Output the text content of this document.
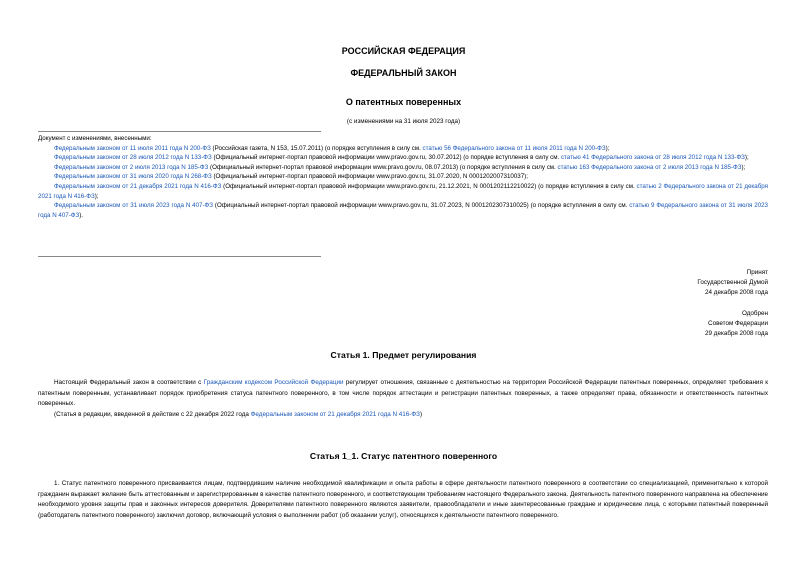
РОССИЙСКАЯ ФЕДЕРАЦИЯ
ФЕДЕРАЛЬНЫЙ ЗАКОН
О патентных поверенных
(с изменениями на 31 июля 2023 года)

Документ с изменениями, внесенными:

Федеральным законом от 11 июля 2011 года N 200-ФЗ (Российская газета, N 153, 15.07.2011) (о порядке вступления в силу см. статью 56 Федерального закона от 11 июля 2011 года N 200-ФЗ);

Федеральным законом от 28 июля 2012 года N 133-ФЗ (Официальный интернет-портал правовой информации www.pravo.gov.ru, 30.07.2012) (о порядке вступления в силу см. статью 41 Федерального закона от 28 июля 2012 года N 133-ФЗ);

Федеральным законом от 2 июля 2013 года N 185-ФЗ (Официальный интернет-портал правовой информации www.pravo.gov.ru, 08.07.2013) (о порядке вступления в силу см. статью 163 Федерального закона от 2 июля 2013 года N 185-ФЗ);

Федеральным законом от 31 июля 2020 года N 268-ФЗ (Официальный интернет-портал правовой информации www.pravo.gov.ru, 31.07.2020, N 0001202007310037);

Федеральным законом от 21 декабря 2021 года N 416-ФЗ (Официальный интернет-портал правовой информации www.pravo.gov.ru, 21.12.2021, N 0001202112210022) (о порядке вступления в силу см. статью 2 Федерального закона от 21 декабря 2021 года N 416-ФЗ);

Федеральным законом от 31 июля 2023 года N 407-ФЗ (Официальный интернет-портал правовой информации www.pravo.gov.ru, 31.07.2023, N 0001202307310025) (о порядке вступления в силу см. статью 9 Федерального закона от 31 июля 2023 года N 407-ФЗ).

Принят
Государственной Думой
24 декабря 2008 года
Одобрен
Советом Федерации
29 декабря 2008 года
Статья 1. Предмет регулирования

Настоящий Федеральный закон в соответствии с Гражданским кодексом Российской Федерации регулирует отношения, связанные с деятельностью на территории Российской Федерации патентных поверенных, определяет требования к патентным поверенным, устанавливает порядок приобретения статуса патентного поверенного, в том числе порядок аттестации и регистрации патентных поверенных, а также определяет права, обязанности и ответственность патентных поверенных.

(Статья в редакции, введенной в действие с 22 декабря 2022 года Федеральным законом от 21 декабря 2021 года N 416-ФЗ)

Статья 1_1. Статус патентного поверенного

1. Статус патентного поверенного присваивается лицам, подтвердившим наличие необходимой квалификации и опыта работы в сфере деятельности патентного поверенного в соответствии со специализацией, применительно к которой гражданин выражает желание быть аттестованным и зарегистрированным в качестве патентного поверенного, и соответствующим требованиям настоящего Федерального закона. Деятельность патентного поверенного направлена на обеспечение необходимого уровня защиты прав и законных интересов доверителя. Доверителями патентного поверенного являются заявители, правообладатели и иные заинтересованные граждане и юридические лица, с которыми патентный поверенный (работодатель патентного поверенного) заключил договор, включающий условия о выполнении работ (об оказании услуг), относящихся к деятельности патентного поверенного.
